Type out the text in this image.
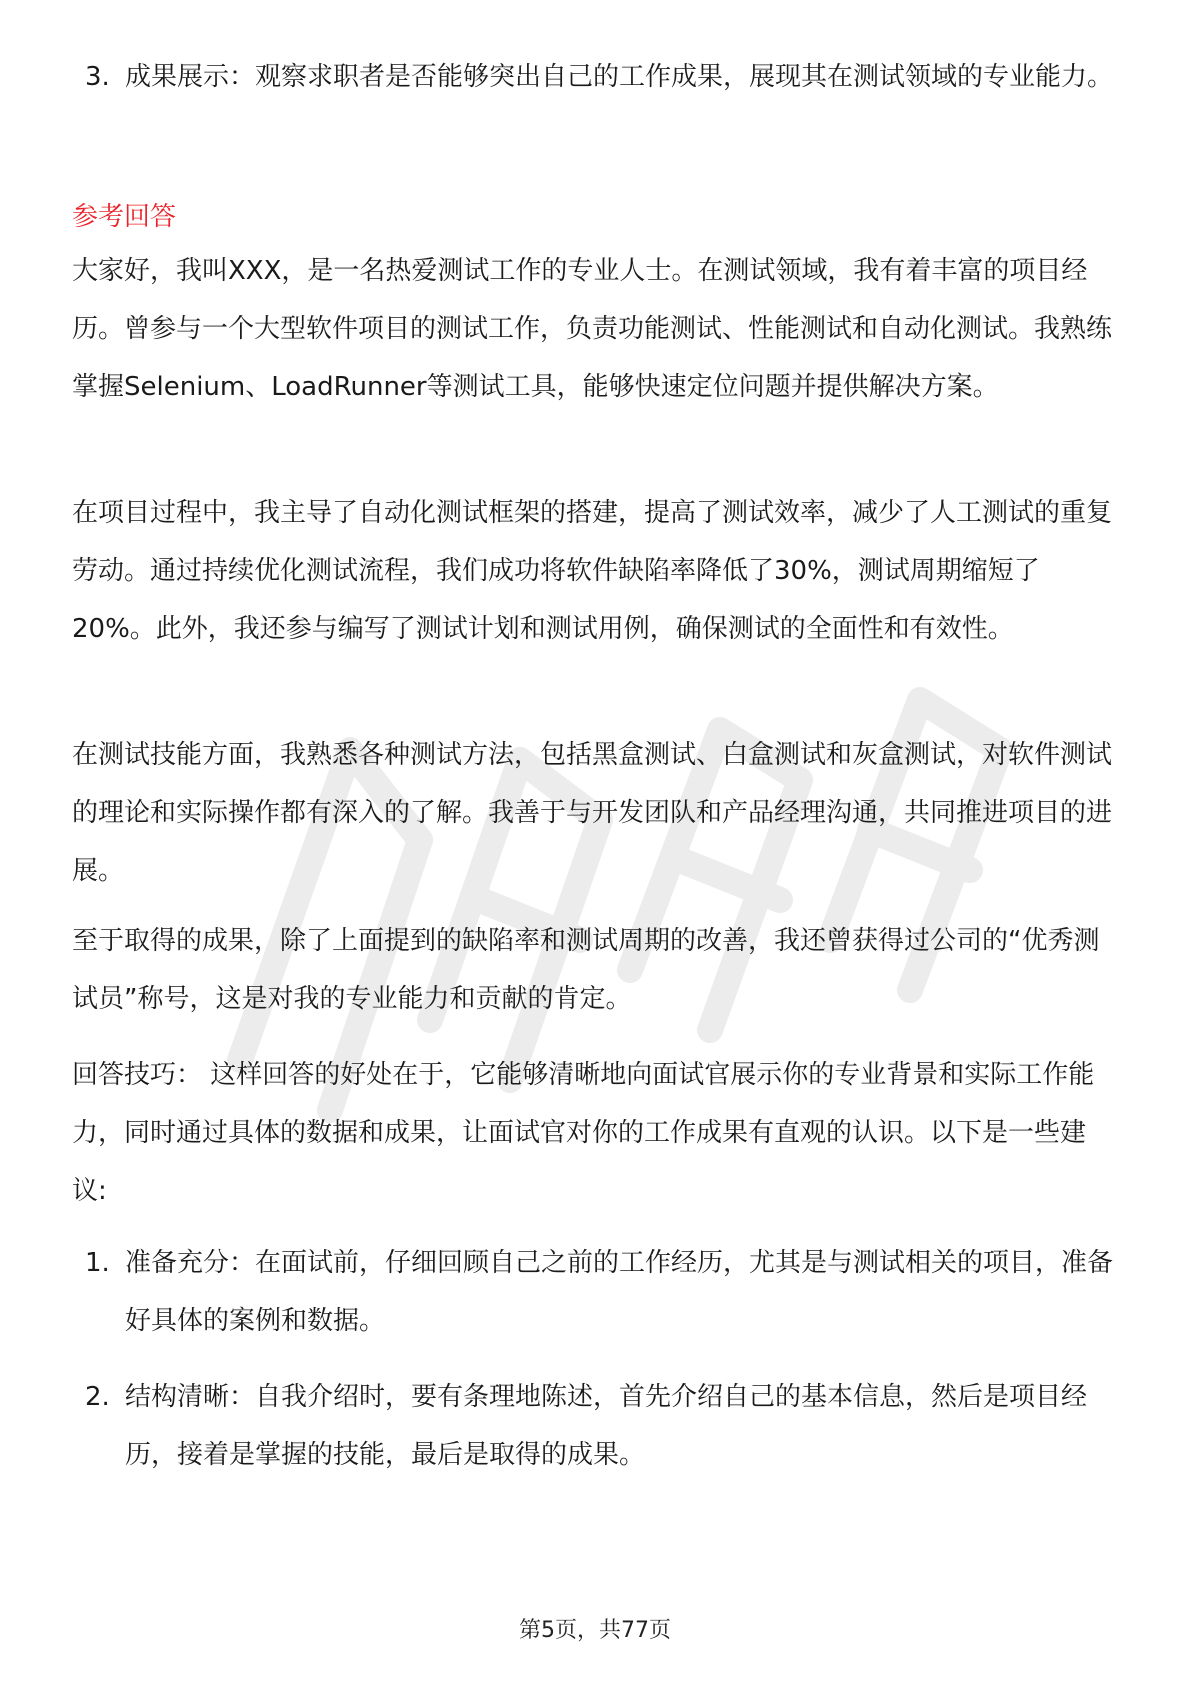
3. 成果展示：观察求职者是否能够突出自己的工作成果，展现其在测试领域的专业能力。
参考回答

大家好，我叫XXX，是一名热爱测试工作的专业人士。在测试领域，我有着丰富的项目经历。曾参与一个大型软件项目的测试工作，负责功能测试、性能测试和自动化测试。我熟练掌握Selenium、LoadRunner等测试工具，能够快速定位问题并提供解决方案。

在项目过程中，我主导了自动化测试框架的搭建，提高了测试效率，减少了人工测试的重复劳动。通过持续优化测试流程，我们成功将软件缺陷率降低了30%，测试周期缩短了20%。此外，我还参与编写了测试计划和测试用例，确保测试的全面性和有效性。

在测试技能方面，我熟悉各种测试方法，包括黑盒测试、白盒测试和灰盒测试，对软件测试的理论和实际操作都有深入的了解。我善于与开发团队和产品经理沟通，共同推进项目的进展。

至于取得的成果，除了上面提到的缺陷率和测试周期的改善，我还曾获得过公司的“优秀测试员”称号，这是对我的专业能力和贡献的肯定。

回答技巧： 这样回答的好处在于，它能够清晰地向面试官展示你的专业背景和实际工作能力，同时通过具体的数据和成果，让面试官对你的工作成果有直观的认识。以下是一些建议:

1. 准备充分：在面试前，仔细回顾自己之前的工作经历，尤其是与测试相关的项目，准备好具体的案例和数据。
2. 结构清晰：自我介绍时，要有条理地陈述，首先介绍自己的基本信息，然后是项目经历，接着是掌握的技能，最后是取得的成果。
第5页，共77页
